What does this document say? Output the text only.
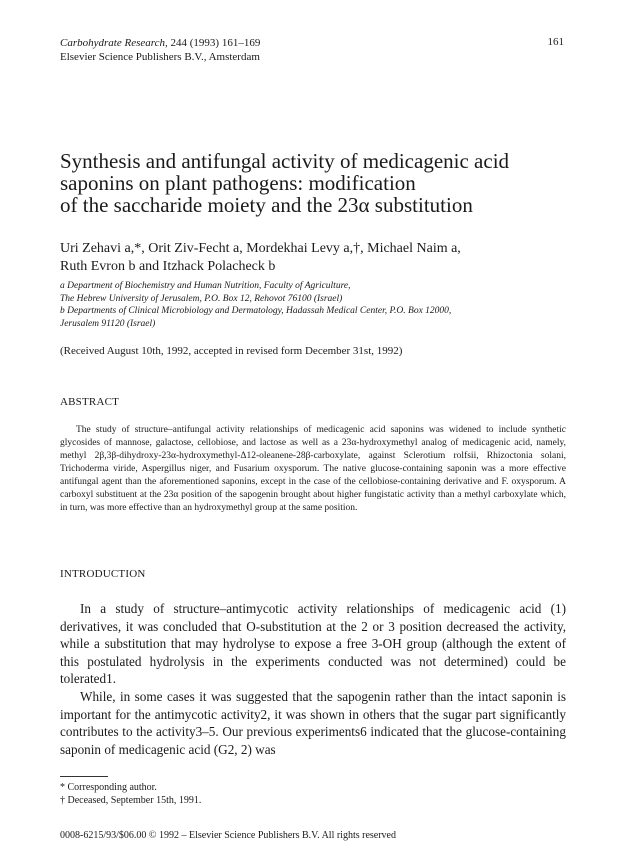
Carbohydrate Research, 244 (1993) 161–169
Elsevier Science Publishers B.V., Amsterdam
161
Synthesis and antifungal activity of medicagenic acid
saponins on plant pathogens: modification
of the saccharide moiety and the 23α substitution
Uri Zehavi a,*, Orit Ziv-Fecht a, Mordekhai Levy a,†, Michael Naim a,
Ruth Evron b and Itzhack Polacheck b
a Department of Biochemistry and Human Nutrition, Faculty of Agriculture,
The Hebrew University of Jerusalem, P.O. Box 12, Rehovot 76100 (Israel)
b Departments of Clinical Microbiology and Dermatology, Hadassah Medical Center, P.O. Box 12000,
Jerusalem 91120 (Israel)
(Received August 10th, 1992, accepted in revised form December 31st, 1992)
ABSTRACT
The study of structure–antifungal activity relationships of medicagenic acid saponins was widened to include synthetic glycosides of mannose, galactose, cellobiose, and lactose as well as a 23α-hydroxymethyl analog of medicagenic acid, namely, methyl 2β,3β-dihydroxy-23α-hydroxymethyl-Δ12-oleanene-28β-carboxylate, against Sclerotium rolfsii, Rhizoctonia solani, Trichoderma viride, Aspergillus niger, and Fusarium oxysporum. The native glucose-containing saponin was a more effective antifungal agent than the aforementioned saponins, except in the case of the cellobiose-containing derivative and F. oxysporum. A carboxyl substituent at the 23α position of the sapogenin brought about higher fungistatic activity than a methyl carboxylate which, in turn, was more effective than an hydroxymethyl group at the same position.
INTRODUCTION

In a study of structure–antimycotic activity relationships of medicagenic acid (1) derivatives, it was concluded that O-substitution at the 2 or 3 position decreased the activity, while a substitution that may hydrolyse to expose a free 3-OH group (although the extent of this postulated hydrolysis in the experiments conducted was not determined) could be tolerated1.

While, in some cases it was suggested that the sapogenin rather than the intact saponin is important for the antimycotic activity2, it was shown in others that the sugar part significantly contributes to the activity3–5. Our previous experiments6 indicated that the glucose-containing saponin of medicagenic acid (G2, 2) was

* Corresponding author.
† Deceased, September 15th, 1991.
0008-6215/93/$06.00 © 1992 – Elsevier Science Publishers B.V. All rights reserved
